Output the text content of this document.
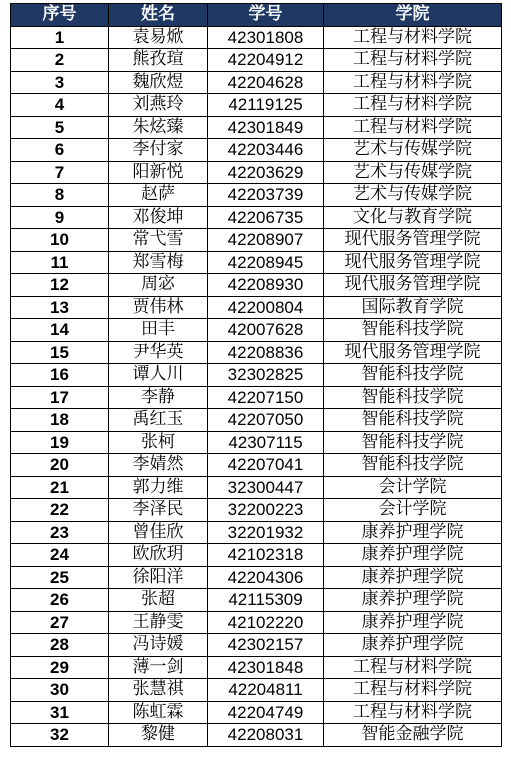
序号	姓名	学号	学院
1	袁易焮	42301808	工程与材料学院
2	熊孜瑄	42204912	工程与材料学院
3	魏欣煜	42204628	工程与材料学院
4	刘燕玲	42119125	工程与材料学院
5	朱炫臻	42301849	工程与材料学院
6	李付家	42203446	艺术与传媒学院
7	阳新悦	42203629	艺术与传媒学院
8	赵萨	42203739	艺术与传媒学院
9	邓俊坤	42206735	文化与教育学院
10	常弋雪	42208907	现代服务管理学院
11	郑雪梅	42208945	现代服务管理学院
12	周宓	42208930	现代服务管理学院
13	贾伟林	42200804	国际教育学院
14	田丰	42007628	智能科技学院
15	尹华英	42208836	现代服务管理学院
16	谭人川	32302825	智能科技学院
17	李静	42207150	智能科技学院
18	禹红玉	42207050	智能科技学院
19	张柯	42307115	智能科技学院
20	李婧然	42207041	智能科技学院
21	郭力维	32300447	会计学院
22	李泽民	32200223	会计学院
23	曾佳欣	32201932	康养护理学院
24	欧欣玥	42102318	康养护理学院
25	徐阳洋	42204306	康养护理学院
26	张超	42115309	康养护理学院
27	王静雯	42102220	康养护理学院
28	冯诗媛	42302157	康养护理学院
29	薄一剑	42301848	工程与材料学院
30	张慧祺	42204811	工程与材料学院
31	陈虹霖	42204749	工程与材料学院
32	黎健	42208031	智能金融学院
